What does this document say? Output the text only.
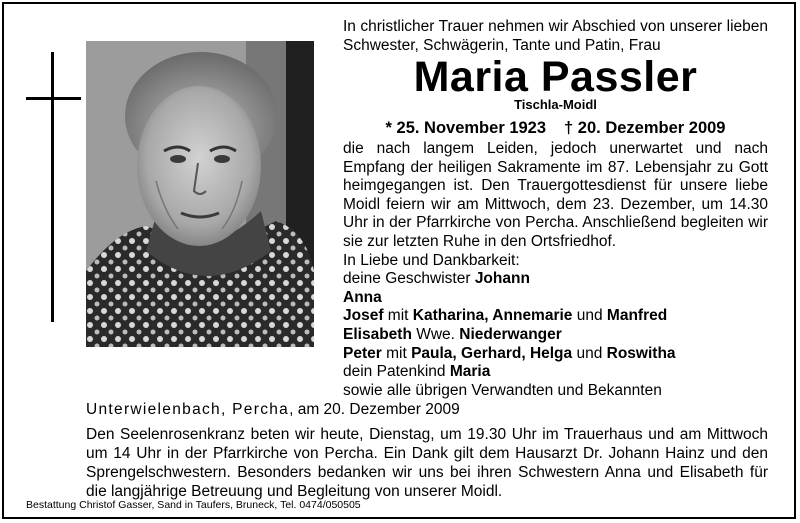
In christlicher Trauer nehmen wir Abschied von unserer lieben Schwester, Schwägerin, Tante und Patin, Frau
Maria Passler
Tischla-Moidl
* 25. November 1923 † 20. Dezember 2009

die nach langem Leiden, jedoch unerwartet und nach Empfang der heiligen Sakramente im 87. Lebensjahr zu Gott heimgegangen ist. Den Trauergottesdienst für unsere liebe Moidl feiern wir am Mittwoch, dem 23. Dezember, um 14.30 Uhr in der Pfarrkirche von Percha. Anschließend begleiten wir sie zur letzten Ruhe in den Ortsfriedhof.

In Liebe und Dankbarkeit:

deine Geschwister Johann

Anna

Josef mit Katharina, Annemarie und Manfred

Elisabeth Wwe. Niederwanger

Peter mit Paula, Gerhard, Helga und Roswitha

dein Patenkind Maria

sowie alle übrigen Verwandten und Bekannten

Unterwielenbach, Percha, am 20. Dezember 2009
Den Seelenrosenkranz beten wir heute, Dienstag, um 19.30 Uhr im Trauerhaus und am Mittwoch um 14 Uhr in der Pfarrkirche von Percha. Ein Dank gilt dem Hausarzt Dr. Johann Hainz und den Sprengelschwestern. Besonders bedanken wir uns bei ihren Schwestern Anna und Elisabeth für die langjährige Betreuung und Begleitung von unserer Moidl.
Bestattung Christof Gasser, Sand in Taufers, Bruneck, Tel. 0474/050505
